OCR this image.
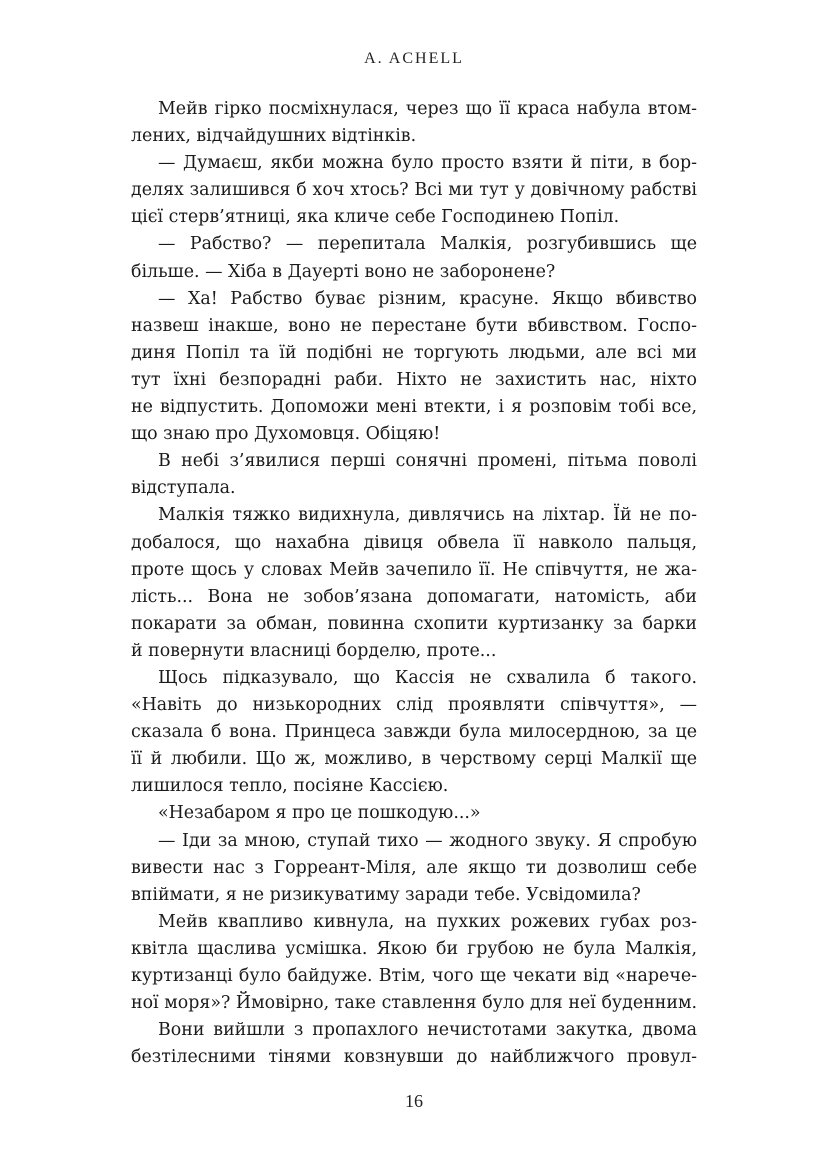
A. ACHELL
Мейв гірко посміхнулася, через що її краса набула втом-
лених, відчайдушних відтінків.
— Думаєш, якби можна було просто взяти й піти, в бор-
делях залишився б хоч хтось? Всі ми тут у довічному рабстві
цієї стерв’ятниці, яка кличе себе Господинею Попіл.
— Рабство? — перепитала Малкія, розгубившись ще
більше. — Хіба в Дауерті воно не заборонене?
— Ха! Рабство буває різним, красуне. Якщо вбивство
назвеш інакше, воно не перестане бути вбивством. Госпо-
диня Попіл та їй подібні не торгують людьми, але всі ми
тут їхні безпорадні раби. Ніхто не захистить нас, ніхто
не відпустить. Допоможи мені втекти, і я розповім тобі все,
що знаю про Духомовця. Обіцяю!
В небі з’явилися перші сонячні промені, пітьма поволі
відступала.
Малкія тяжко видихнула, дивлячись на ліхтар. Їй не по-
добалося, що нахабна дівиця обвела її навколо пальця,
проте щось у словах Мейв зачепило її. Не співчуття, не жа-
лість... Вона не зобов’язана допомагати, натомість, аби
покарати за обман, повинна схопити куртизанку за барки
й повернути власниці борделю, проте...
Щось підказувало, що Кассія не схвалила б такого.
«Навіть до низькородних слід проявляти співчуття», —
сказала б вона. Принцеса завжди була милосердною, за це
її й любили. Що ж, можливо, в черствому серці Малкії ще
лишилося тепло, посіяне Кассією.
«Незабаром я про це пошкодую...»
— Іди за мною, ступай тихо — жодного звуку. Я спробую
вивести нас з Горреант-Міля, але якщо ти дозволиш себе
впіймати, я не ризикуватиму заради тебе. Усвідомила?
Мейв квапливо кивнула, на пухких рожевих губах роз-
квітла щаслива усмішка. Якою би грубою не була Малкія,
куртизанці було байдуже. Втім, чого ще чекати від «нарече-
ної моря»? Ймовірно, таке ставлення було для неї буденним.
Вони вийшли з пропахлого нечистотами закутка, двома
безтілесними тінями ковзнувши до найближчого провул-
16
